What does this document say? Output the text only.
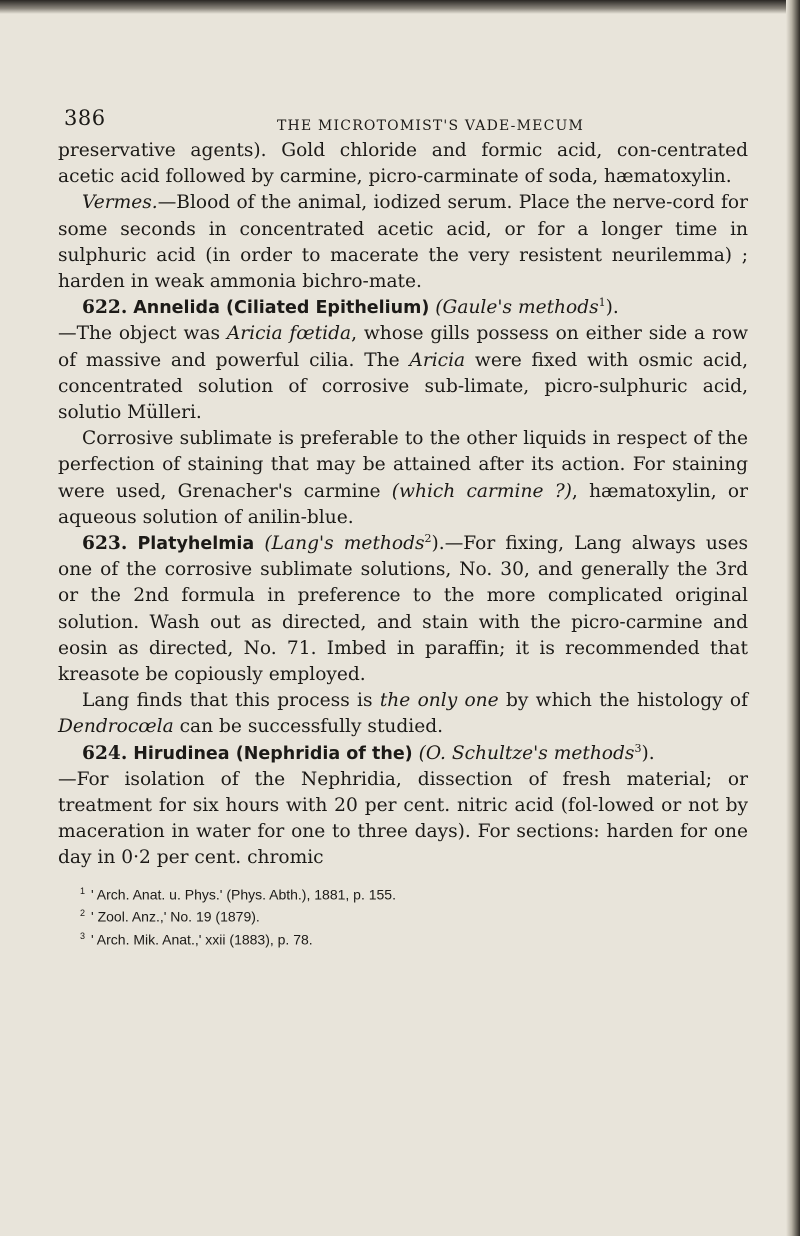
386	THE MICROTOMIST'S VADE-MECUM

preservative agents). Gold chloride and formic acid, con-centrated acetic acid followed by carmine, picro-carminate of soda, hæmatoxylin.

Vermes.—Blood of the animal, iodized serum. Place the nerve-cord for some seconds in concentrated acetic acid, or for a longer time in sulphuric acid (in order to macerate the very resistent neurilemma) ; harden in weak ammonia bichro-mate.

622. Annelida (Ciliated Epithelium) (Gaule's methods$^1$).
—The object was Aricia fœtida, whose gills possess on either side a row of massive and powerful cilia. The Aricia were fixed with osmic acid, concentrated solution of corrosive sub-limate, picro-sulphuric acid, solutio Mülleri.

Corrosive sublimate is preferable to the other liquids in respect of the perfection of staining that may be attained after its action. For staining were used, Grenacher's carmine (which carmine ?), hæmatoxylin, or aqueous solution of anilin-blue.

623. Platyhelmia (Lang's methods$^2$).—For fixing, Lang always uses one of the corrosive sublimate solutions, No. 30, and generally the 3rd or the 2nd formula in preference to the more complicated original solution. Wash out as directed, and stain with the picro-carmine and eosin as directed, No. 71. Imbed in paraffin; it is recommended that kreasote be copiously employed.

Lang finds that this process is the only one by which the histology of Dendrocœla can be successfully studied.

624. Hirudinea (Nephridia of the) (O. Schultze's methods$^3$).
—For isolation of the Nephridia, dissection of fresh material; or treatment for six hours with 20 per cent. nitric acid (fol-lowed or not by maceration in water for one to three days). For sections: harden for one day in 0·2 per cent. chromic

$^1$ ' Arch. Anat. u. Phys.' (Phys. Abth.), 1881, p. 155.
$^2$ ' Zool. Anz.,' No. 19 (1879).
$^3$ ' Arch. Mik. Anat.,' xxii (1883), p. 78.
